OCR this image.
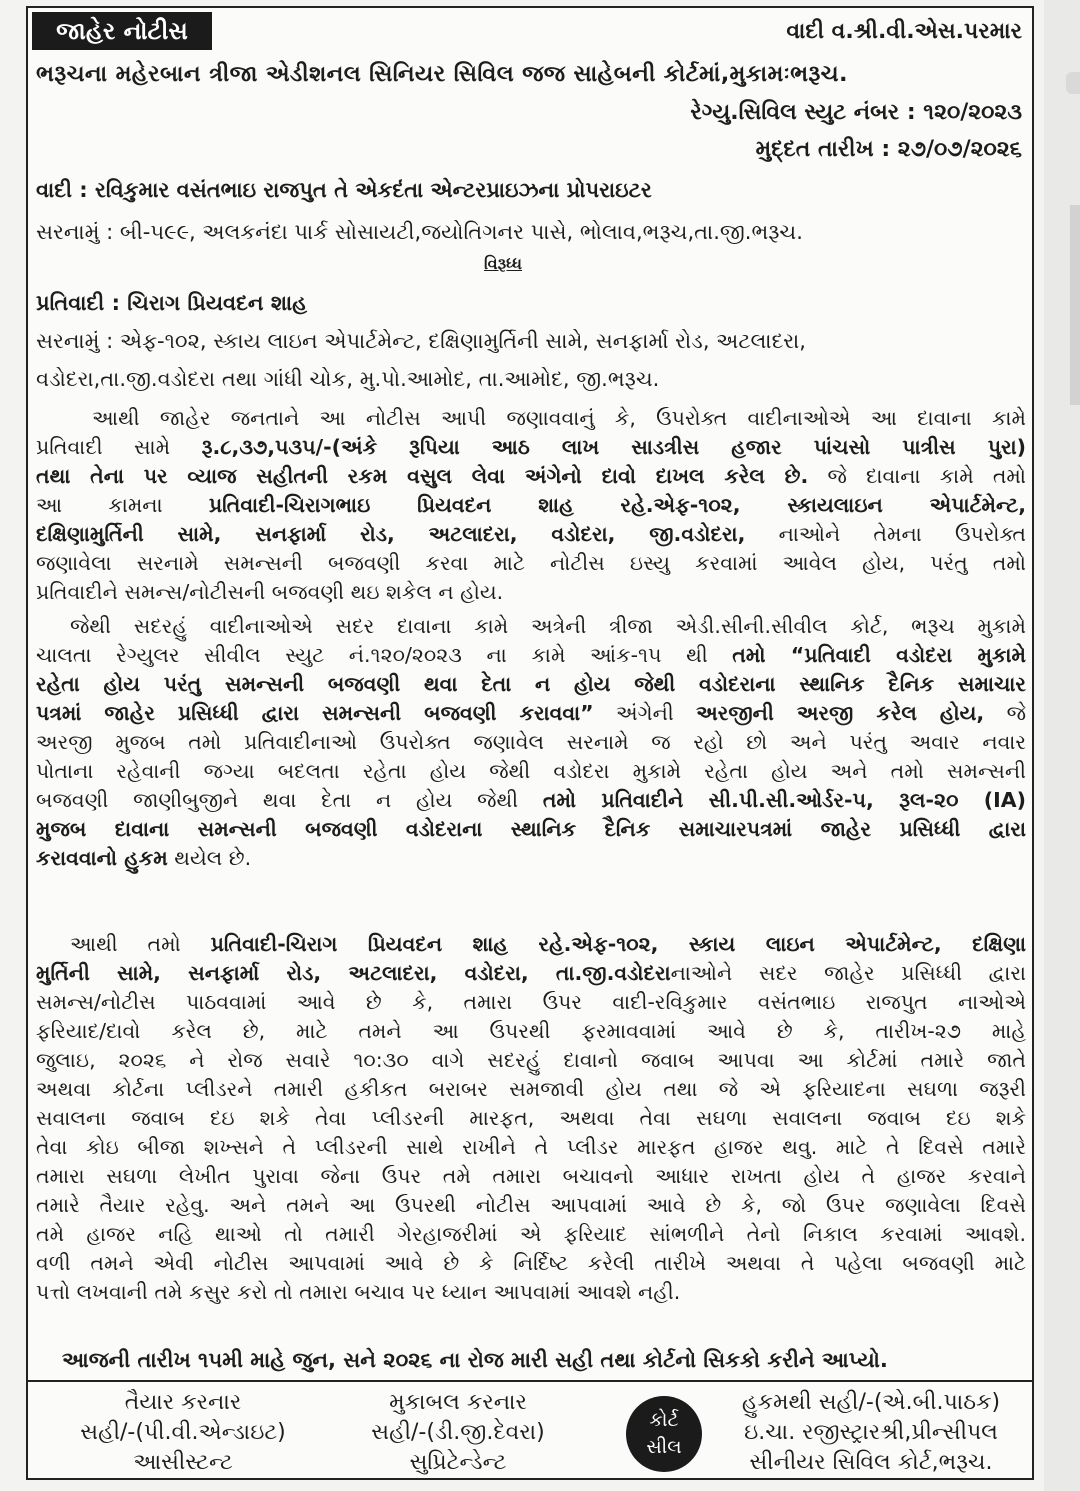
જાહેર નોટીસ	વાદી વ.શ્રી.વી.એસ.પરમાર
ભરૂચના મહેરબાન ત્રીજા એડીશનલ સિનિયર સિવિલ જજ સાહેબની કોર્ટમાં,મુકામઃભરૂચ.
રેગ્યુ.સિવિલ સ્યુટ નંબર : ૧૨૦/૨૦૨૩
મુદ્દત તારીખ : ૨૭/૦૭/૨૦૨૬
વાદી : રવિકુમાર વસંતભાઇ રાજપુત તે એકદંતા એન્ટરપ્રાઇઝના પ્રોપરાઇટર
સરનામું : બી-૫૯૯, અલકનંદા પાર્ક સોસાયટી,જયોતિગનર પાસે, ભોલાવ,ભરૂચ,તા.જી.ભરૂચ.
વિરૂધ્ધ
પ્રતિવાદી : ચિરાગ પ્રિયવદન શાહ
સરનામું : એફ-૧૦૨, સ્કાય લાઇન એપાર્ટમેન્ટ, દક્ષિણામુર્તિની સામે, સનફાર્મા રોડ, અટલાદરા,
વડોદરા,તા.જી.વડોદરા તથા ગાંધી ચોક, મુ.પો.આમોદ, તા.આમોદ, જી.ભરૂચ.
આથી જાહેર જનતાને આ નોટીસ આપી જણાવવાનું કે, ઉપરોક્ત વાદીનાઓએ આ દાવાના કામે
પ્રતિવાદી સામે રૂ.૮,૩૭,૫૩૫/-(અંકે રૂપિયા આઠ લાખ સાડત્રીસ હજાર પાંચસો પાત્રીસ પુરા)
તથા તેના પર વ્યાજ સહીતની રકમ વસુલ લેવા અંગેનો દાવો દાખલ કરેલ છે. જે દાવાના કામે તમો
આ કામના પ્રતિવાદી-ચિરાગભાઇ પ્રિયવદન શાહ રહે.એફ-૧૦૨, સ્કાયલાઇન એપાર્ટમેન્ટ,
દક્ષિણામુર્તિની સામે, સનફાર્મા રોડ, અટલાદરા, વડોદરા, જી.વડોદરા, નાઓને તેમના ઉપરોક્ત
જણાવેલા સરનામે સમન્સની બજવણી કરવા માટે નોટીસ ઇસ્યુ કરવામાં આવેલ હોય, પરંતુ તમો
પ્રતિવાદીને સમન્સ/નોટીસની બજવણી થઇ શકેલ ન હોય.
જેથી સદરહું વાદીનાઓએ સદર દાવાના કામે અત્રેની ત્રીજા એડી.સીની.સીવીલ કોર્ટ, ભરૂચ મુકામે
ચાલતા રેગ્યુલર સીવીલ સ્યુટ નં.૧૨૦/૨૦૨૩ ના કામે આંક-૧૫ થી તમો “પ્રતિવાદી વડોદરા મુકામે
રહેતા હોય પરંતુ સમન્સની બજવણી થવા દેતા ન હોય જેથી વડોદરાના સ્થાનિક દૈનિક સમાચાર
પત્રમાં જાહેર પ્રસિધ્ધી દ્વારા સમન્સની બજવણી કરાવવા” અંગેની અરજીની અરજી કરેલ હોય, જે
અરજી મુજબ તમો પ્રતિવાદીનાઓ ઉપરોક્ત જણાવેલ સરનામે જ રહો છો અને પરંતુ અવાર નવાર
પોતાના રહેવાની જગ્યા બદલતા રહેતા હોય જેથી વડોદરા મુકામે રહેતા હોય અને તમો સમન્સની
બજવણી જાણીબુજીને થવા દેતા ન હોય જેથી તમો પ્રતિવાદીને સી.પી.સી.ઓર્ડર-૫, રૂલ-૨૦ (IA)
મુજબ દાવાના સમન્સની બજવણી વડોદરાના સ્થાનિક દૈનિક સમાચારપત્રમાં જાહેર પ્રસિધ્ધી દ્વારા
કરાવવાનો હુકમ થયેલ છે.
આથી તમો પ્રતિવાદી-ચિરાગ પ્રિયવદન શાહ રહે.એફ-૧૦૨, સ્કાય લાઇન એપાર્ટમેન્ટ, દક્ષિણા
મુર્તિની સામે, સનફાર્મા રોડ, અટલાદરા, વડોદરા, તા.જી.વડોદરાનાઓને સદર જાહેર પ્રસિધ્ધી દ્વારા
સમન્સ/નોટીસ પાઠવવામાં આવે છે કે, તમારા ઉપર વાદી-રવિકુમાર વસંતભાઇ રાજપુત નાઓએ
ફરિયાદ/દાવો કરેલ છે, માટે તમને આ ઉપરથી ફરમાવવામાં આવે છે કે, તારીખ-૨૭ માહે
જુલાઇ, ૨૦૨૬ ને રોજ સવારે ૧૦:૩૦ વાગે સદરહું દાવાનો જવાબ આપવા આ કોર્ટમાં તમારે જાતે
અથવા કોર્ટના પ્લીડરને તમારી હકીકત બરાબર સમજાવી હોય તથા જે એ ફરિયાદના સઘળા જરૂરી
સવાલના જવાબ દઇ શકે તેવા પ્લીડરની મારફત, અથવા તેવા સઘળા સવાલના જવાબ દઇ શકે
તેવા કોઇ બીજા શખ્સને તે પ્લીડરની સાથે રાખીને તે પ્લીડર મારફત હાજર થવુ. માટે તે દિવસે તમારે
તમારા સઘળા લેખીત પુરાવા જેના ઉપર તમે તમારા બચાવનો આધાર રાખતા હોય તે હાજર કરવાને
તમારે તૈયાર રહેવુ. અને તમને આ ઉપરથી નોટીસ આપવામાં આવે છે કે, જો ઉપર જણાવેલા દિવસે
તમે હાજર નહિ થાઓ તો તમારી ગેરહાજરીમાં એ ફરિયાદ સાંભળીને તેનો નિકાલ કરવામાં આવશે.
વળી તમને એવી નોટીસ આપવામાં આવે છે કે નિર્દિષ્ટ કરેલી તારીખે અથવા તે પહેલા બજવણી માટે
પત્તો લખવાની તમે કસુર કરો તો તમારા બચાવ પર ધ્યાન આપવામાં આવશે નહી.
આજની તારીખ ૧૫મી માહે જુન, સને ૨૦૨૬ ના રોજ મારી સહી તથા કોર્ટનો સિકકો કરીને આપ્યો.
તૈયાર કરનાર
સહી/-(પી.વી.એન્ડાઇટ)
આસીસ્ટન્ટ
મુકાબલ કરનાર
સહી/-(ડી.જી.દેવરા)
સુપ્રિટેન્ડેન્ટ
કોર્ટ
સીલ
હુકમથી સહી/-(એ.બી.પાઠક)
ઇ.ચા. રજીસ્ટ્રારશ્રી,પ્રીન્સીપલ
સીનીયર સિવિલ કોર્ટ,ભરૂચ.
